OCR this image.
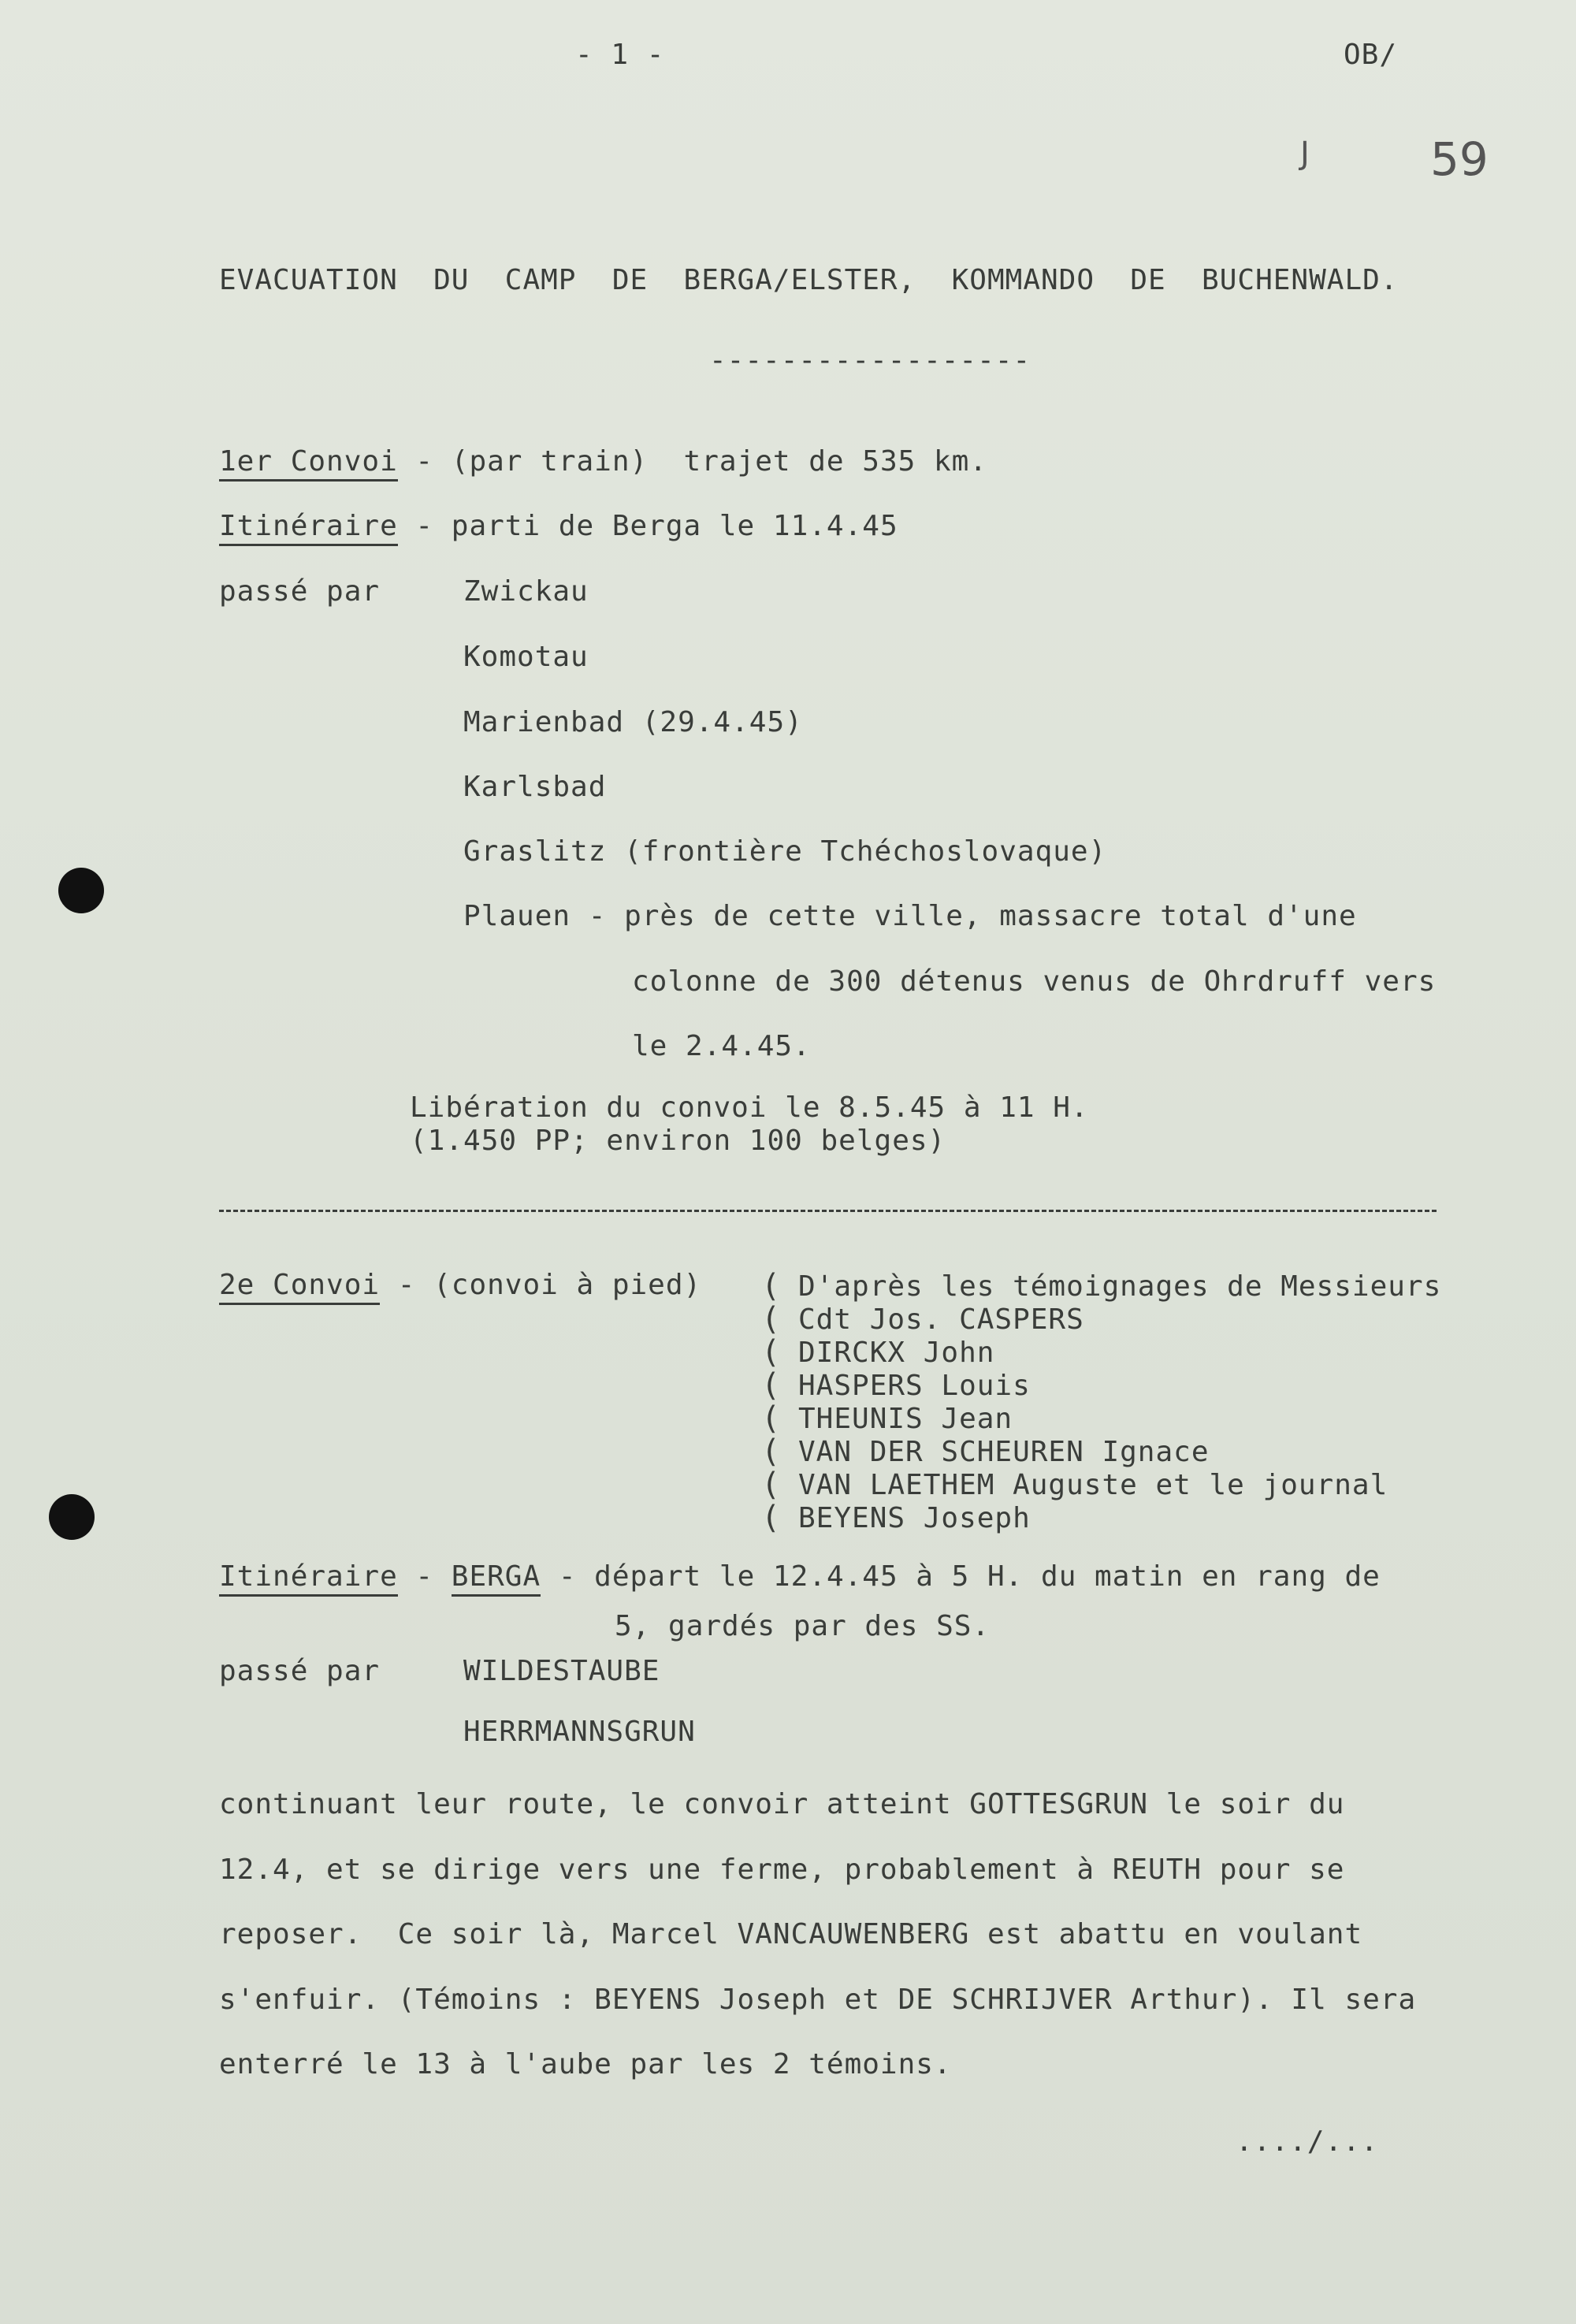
- 1 -	OB/
J	59
EVACUATION  DU  CAMP  DE  BERGA/ELSTER,  KOMMANDO  DE  BUCHENWALD.
------------------
1er Convoi - (par train)  trajet de 535 km.
Itinéraire - parti de Berga le 11.4.45
passé par	Zwickau
Komotau
Marienbad (29.4.45)
Karlsbad
Graslitz (frontière Tchéchoslovaque)
Plauen - près de cette ville, massacre total d'une
colonne de 300 détenus venus de Ohrdruff vers
le 2.4.45.
Libération du convoi le 8.5.45 à 11 H.
(1.450 PP; environ 100 belges)
2e Convoi - (convoi à pied) (
(
(
(
(
(
(
(
D'après les témoignages de Messieurs
Cdt Jos. CASPERS
DIRCKX John
HASPERS Louis
THEUNIS Jean
VAN DER SCHEUREN Ignace
VAN LAETHEM Auguste et le journal
BEYENS Joseph
Itinéraire - BERGA - départ le 12.4.45 à 5 H. du matin en rang de
5, gardés par des SS.
passé par	WILDESTAUBE
HERRMANNSGRUN
continuant leur route, le convoir atteint GOTTESGRUN le soir du
12.4, et se dirige vers une ferme, probablement à REUTH pour se
reposer.  Ce soir là, Marcel VANCAUWENBERG est abattu en voulant
s'enfuir. (Témoins : BEYENS Joseph et DE SCHRIJVER Arthur). Il sera
enterré le 13 à l'aube par les 2 témoins.
..../...
